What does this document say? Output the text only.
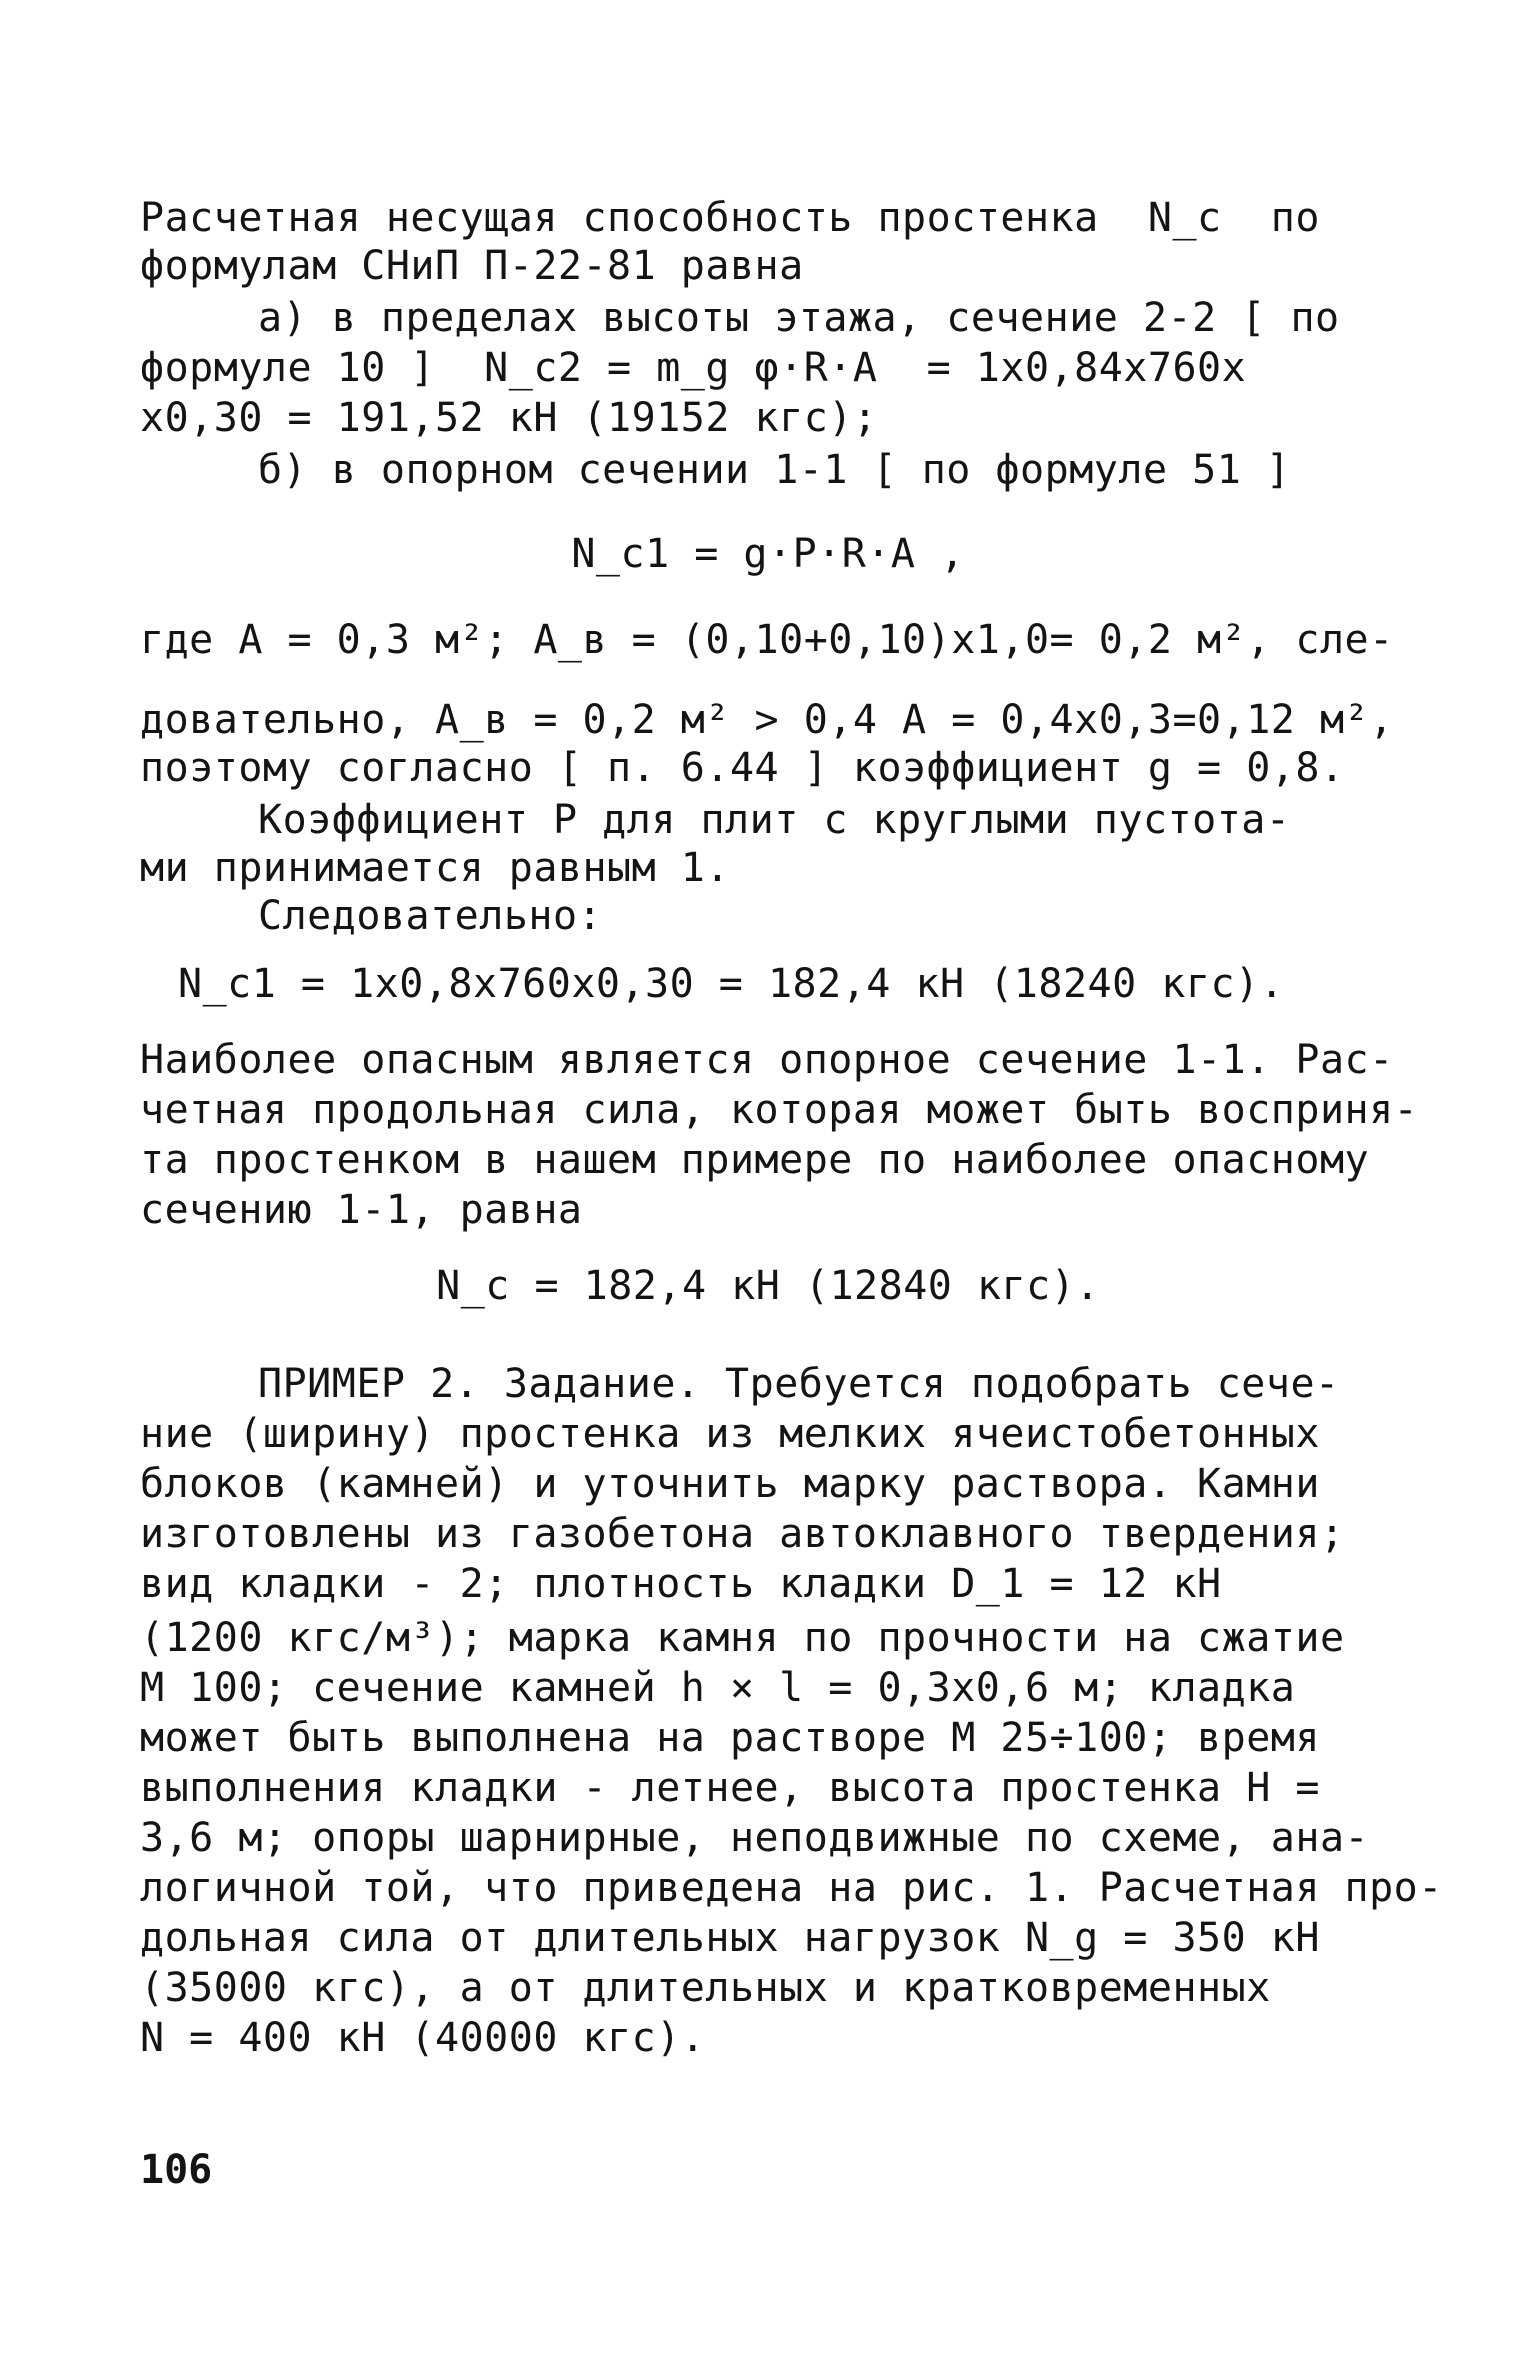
Расчетная несущая способность простенка  N_c  по
формулам СНиП П-22-81 равна
а) в пределах высоты этажа, сечение 2-2 [ по
формуле 10 ]  N_c2 = m_g φ·R·A  = 1х0,84х760х
х0,30 = 191,52 кН (19152 кгс);
б) в опорном сечении 1-1 [ по формуле 51 ]
N_c1 = g·P·R·A ,
где A = 0,3 м²; A_в = (0,10+0,10)х1,0= 0,2 м², сле-
довательно, A_в = 0,2 м² > 0,4 A = 0,4х0,3=0,12 м²,
поэтому согласно [ п. 6.44 ] коэффициент g = 0,8.
Коэффициент P для плит с круглыми пустота-
ми принимается равным 1.
Следовательно:
N_c1 = 1х0,8х760х0,30 = 182,4 кН (18240 кгс).
Наиболее опасным является опорное сечение 1-1. Рас-
четная продольная сила, которая может быть восприня-
та простенком в нашем примере по наиболее опасному
сечению 1-1, равна
N_c = 182,4 кН (12840 кгс).
ПРИМЕР 2. Задание. Требуется подобрать сече-
ние (ширину) простенка из мелких ячеистобетонных
блоков (камней) и уточнить марку раствора. Камни
изготовлены из газобетона автоклавного твердения;
вид кладки - 2; плотность кладки D_1 = 12 кН
(1200 кгс/м³); марка камня по прочности на сжатие
М 100; сечение камней h × l = 0,3х0,6 м; кладка
может быть выполнена на растворе М 25÷100; время
выполнения кладки - летнее, высота простенка H =
3,6 м; опоры шарнирные, неподвижные по схеме, ана-
логичной той, что приведена на рис. 1. Расчетная про-
дольная сила от длительных нагрузок N_g = 350 кН
(35000 кгс), а от длительных и кратковременных
N = 400 кН (40000 кгс).
106
